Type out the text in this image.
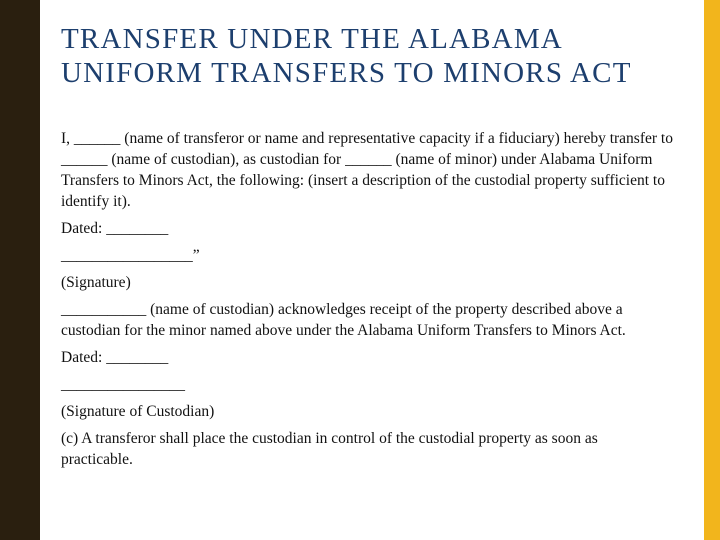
TRANSFER UNDER THE ALABAMA
UNIFORM TRANSFERS TO MINORS ACT

I, ______ (name of transferor or name and representative capacity if a fiduciary) hereby transfer to ______ (name of custodian), as custodian for ______ (name of minor) under Alabama Uniform Transfers to Minors Act, the following: (insert a description of the custodial property sufficient to identify it).

Dated: ________

_________________”

(Signature)

___________ (name of custodian) acknowledges receipt of the property described above a custodian for the minor named above under the Alabama Uniform Transfers to Minors Act.

Dated: ________

________________

(Signature of Custodian)

(c) A transferor shall place the custodian in control of the custodial property as soon as practicable.
